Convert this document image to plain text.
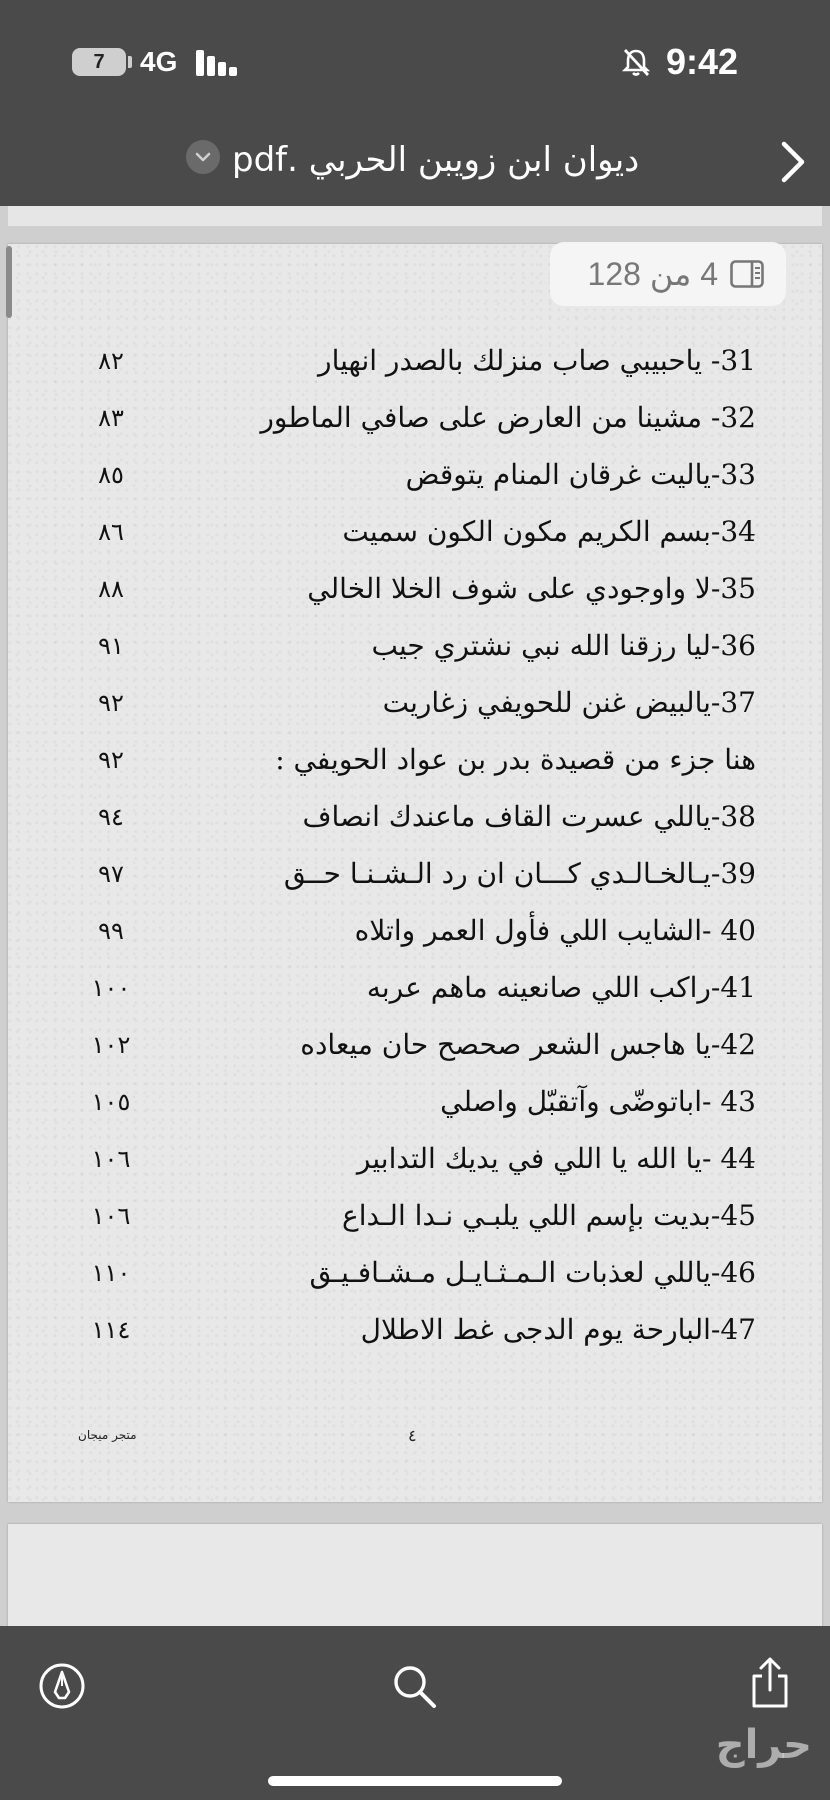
7	4G	9:42
ديوان ابن زويبن الحربي .pdf
31- ياحبيبي صاب منزلك بالصدر انهيار
٨٢
32- مشينا من العارض على صافي الماطور
٨٣
33-ياليت غرقان المنام يتوقض
٨٥
34-بسم الكريم مكون الكون سميت
٨٦
35-لا واوجودي على شوف الخلا الخالي
٨٨
36-ليا رزقنا الله نبي نشتري جيب
٩١
37-يالبيض غنن للحويفي زغاريت
٩٢
هنا جزء من قصيدة بدر بن عواد الحويفي :
٩٢
38-ياللي عسرت القاف ماعندك انصاف
٩٤
39-يـالخـالـدي كـــان ان رد الـشـنـا حــق
٩٧
40 -الشايب اللي فأول العمر واتلاه
٩٩
41-راكب اللي صانعينه ماهم عربه
١٠٠
42-يا هاجس الشعر صحصح حان ميعاده
١٠٢
43 -اباتوضّى وآتقبّل واصلي
١٠٥
44 -يا الله يا اللي في يديك التدابير
١٠٦
45-بديت بإسم اللي يلبـي نـدا الـداع
١٠٦
46-ياللي لعذبات الـمـثـايـل مـشـافـيـق
١١٠
47-البارحة يوم الدجى غط الاطلال
١١٤
٤
متجر ميجان
4 من 128
حراج
